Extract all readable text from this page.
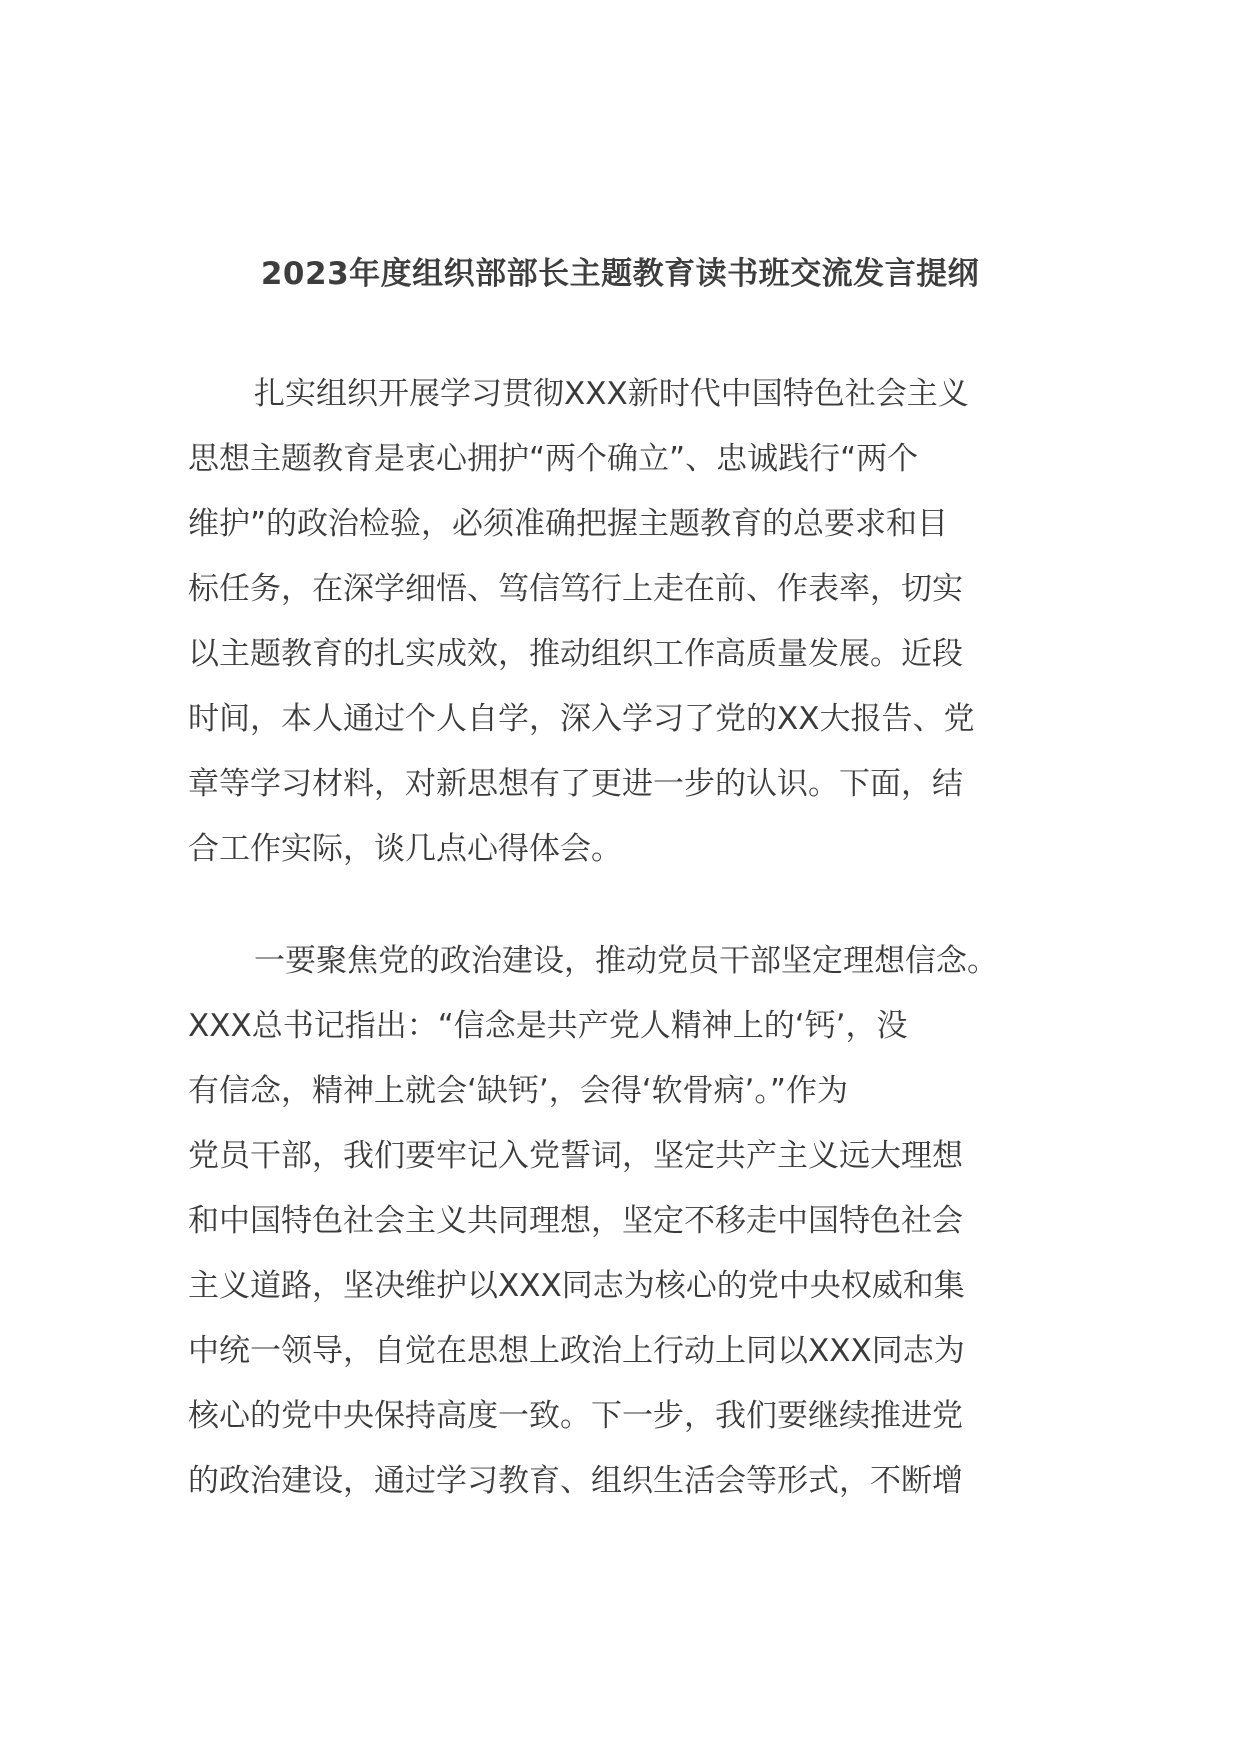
2023年度组织部部长主题教育读书班交流发言提纲
扎实组织开展学习贯彻XXX新时代中国特色社会主义
思想主题教育是衷心拥护“两个确立”、忠诚践行“两个
维护”的政治检验，必须准确把握主题教育的总要求和目
标任务，在深学细悟、笃信笃行上走在前、作表率，切实
以主题教育的扎实成效，推动组织工作高质量发展。近段
时间，本人通过个人自学，深入学习了党的XX大报告、党
章等学习材料，对新思想有了更进一步的认识。下面，结
合工作实际，谈几点心得体会。
一要聚焦党的政治建设，推动党员干部坚定理想信念。
XXX总书记指出：“信念是共产党人精神上的‘钙’，没
有信念，精神上就会‘缺钙’，会得‘软骨病’。”作为
党员干部，我们要牢记入党誓词，坚定共产主义远大理想
和中国特色社会主义共同理想，坚定不移走中国特色社会
主义道路，坚决维护以XXX同志为核心的党中央权威和集
中统一领导，自觉在思想上政治上行动上同以XXX同志为
核心的党中央保持高度一致。下一步，我们要继续推进党
的政治建设，通过学习教育、组织生活会等形式，不断增
